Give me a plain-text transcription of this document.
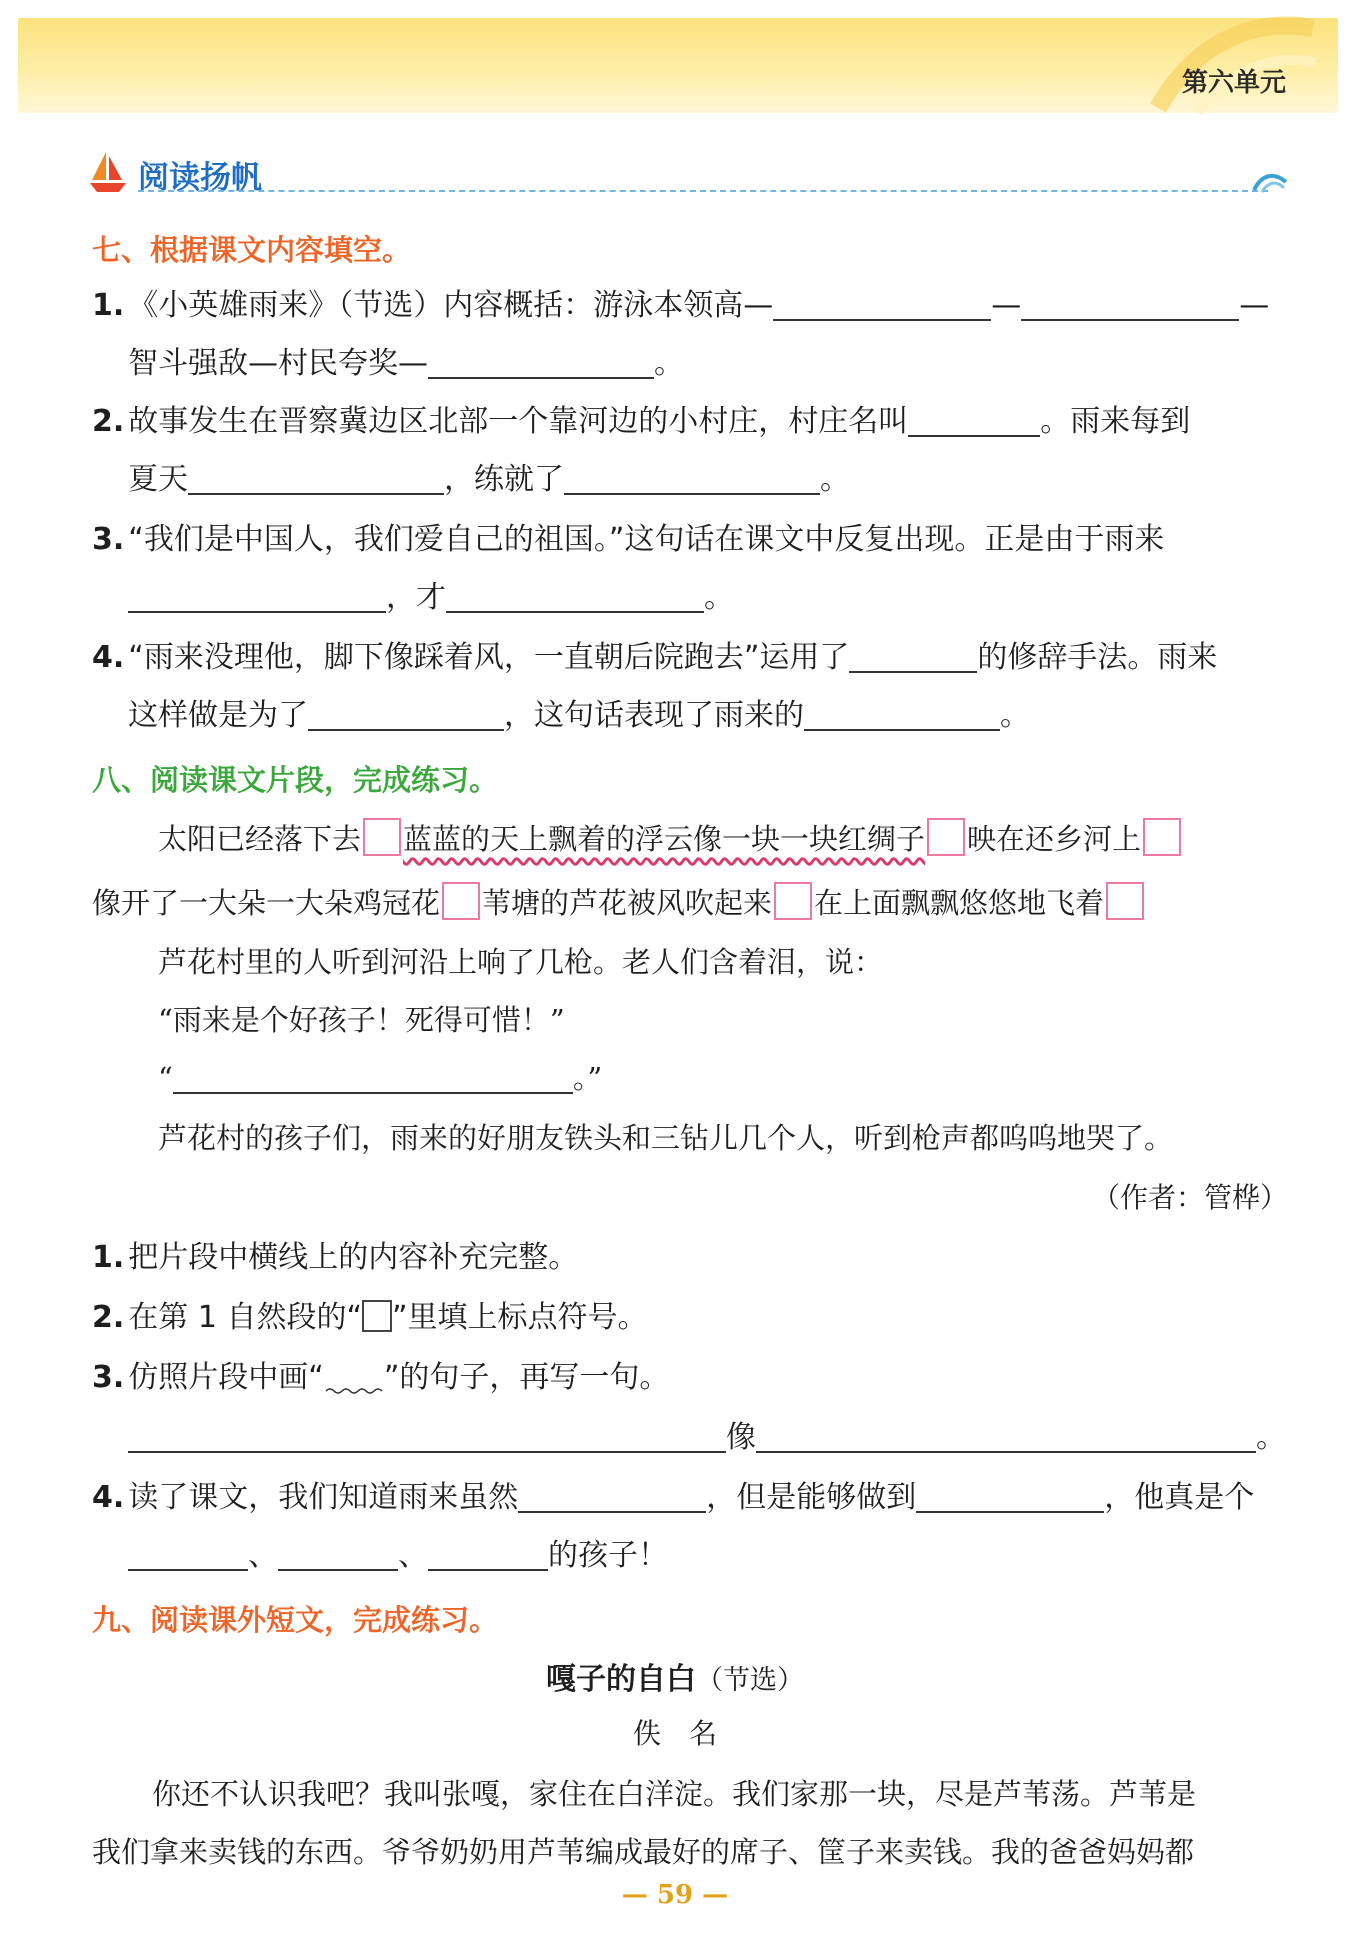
第六单元
阅读扬帆
七、根据课文内容填空。
1. 《小英雄雨来》（节选）内容概括：游泳本领高—	—	—
智斗强敌—村民夸奖—	。
2. 故事发生在晋察冀边区北部一个靠河边的小村庄，村庄名叫	。雨来每到
夏天	，练就了	。
3. “我们是中国人，我们爱自己的祖国。”这句话在课文中反复出现。正是由于雨来
，才	。
4. “雨来没理他，脚下像踩着风，一直朝后院跑去”运用了	的修辞手法。雨来
这样做是为了	，这句话表现了雨来的	。
八、阅读课文片段，完成练习。
太阳已经落下去 蓝蓝的天上飘着的浮云像一块一块红绸子 映在还乡河上
像开了一大朵一大朵鸡冠花 苇塘的芦花被风吹起来 在上面飘飘悠悠地飞着
芦花村里的人听到河沿上响了几枪。老人们含着泪，说：
“雨来是个好孩子！死得可惜！”
“	。”
芦花村的孩子们，雨来的好朋友铁头和三钻儿几个人，听到枪声都呜呜地哭了。
（作者：管桦）
1. 把片段中横线上的内容补充完整。
2. 在第 1 自然段的“ ”里填上标点符号。
3. 仿照片段中画“ ”的句子，再写一句。
像	。
4. 读了课文，我们知道雨来虽然	，但是能够做到	，他真是个
、	、	的孩子！
九、阅读课外短文，完成练习。
嘎子的自白（节选）
佚　名
你还不认识我吧？我叫张嘎，家住在白洋淀。我们家那一块，尽是芦苇荡。芦苇是
我们拿来卖钱的东西。爷爷奶奶用芦苇编成最好的席子、筐子来卖钱。我的爸爸妈妈都
— 59 —
